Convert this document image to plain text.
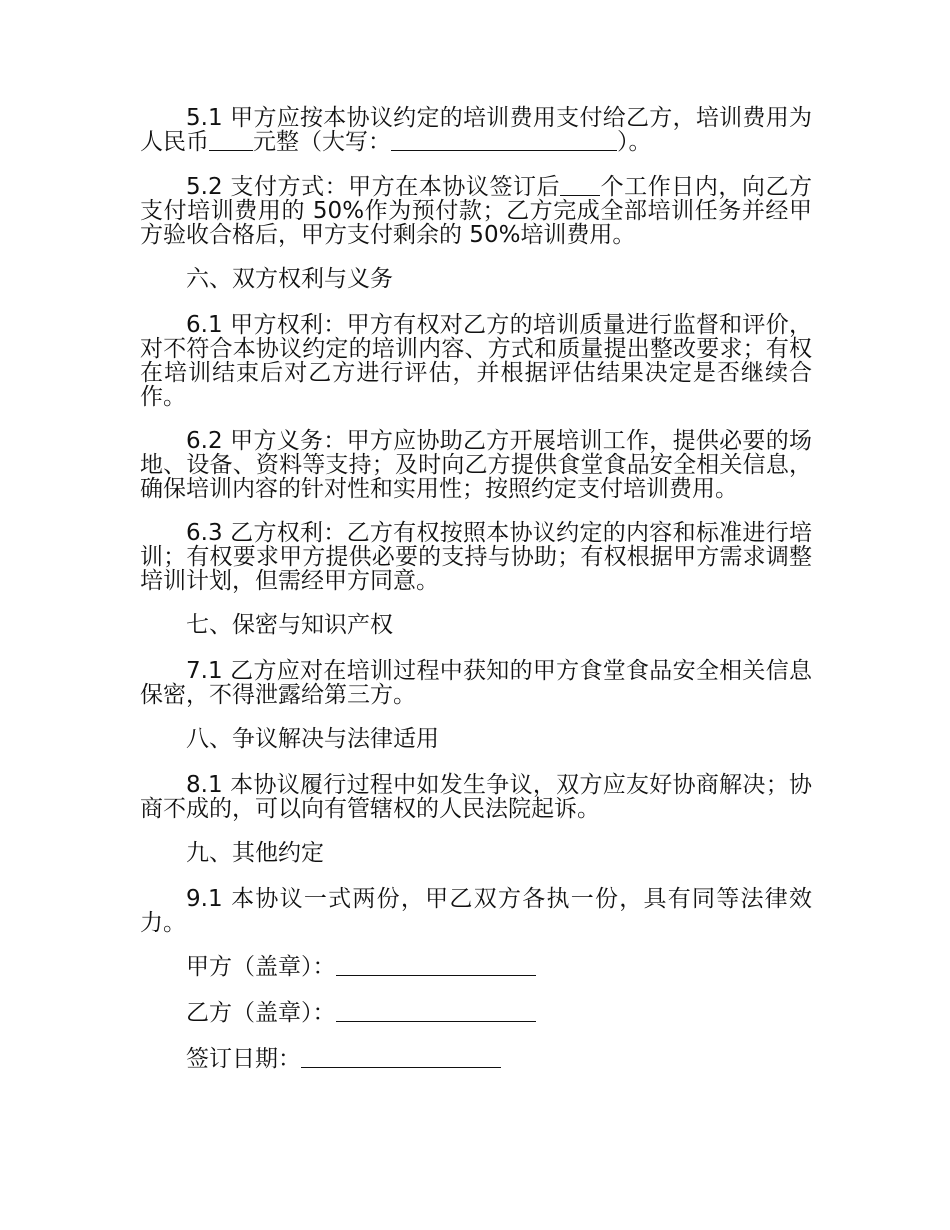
5.1 甲方应按本协议约定的培训费用支付给乙方，培训费用为人民币 元整（大写：	）。

5.2 支付方式：甲方在本协议签订后 个工作日内，向乙方支付培训费用的 50%作为预付款；乙方完成全部培训任务并经甲方验收合格后，甲方支付剩余的 50%培训费用。

六、双方权利与义务

6.1 甲方权利：甲方有权对乙方的培训质量进行监督和评价，对不符合本协议约定的培训内容、方式和质量提出整改要求；有权在培训结束后对乙方进行评估，并根据评估结果决定是否继续合作。

6.2 甲方义务：甲方应协助乙方开展培训工作，提供必要的场地、设备、资料等支持；及时向乙方提供食堂食品安全相关信息，确保培训内容的针对性和实用性；按照约定支付培训费用。

6.3 乙方权利：乙方有权按照本协议约定的内容和标准进行培训；有权要求甲方提供必要的支持与协助；有权根据甲方需求调整培训计划，但需经甲方同意。

七、保密与知识产权

7.1 乙方应对在培训过程中获知的甲方食堂食品安全相关信息保密，不得泄露给第三方。

八、争议解决与法律适用

8.1 本协议履行过程中如发生争议，双方应友好协商解决；协商不成的，可以向有管辖权的人民法院起诉。

九、其他约定

9.1 本协议一式两份，甲乙双方各执一份，具有同等法律效力。

甲方（盖章）：

乙方（盖章）：

签订日期：
